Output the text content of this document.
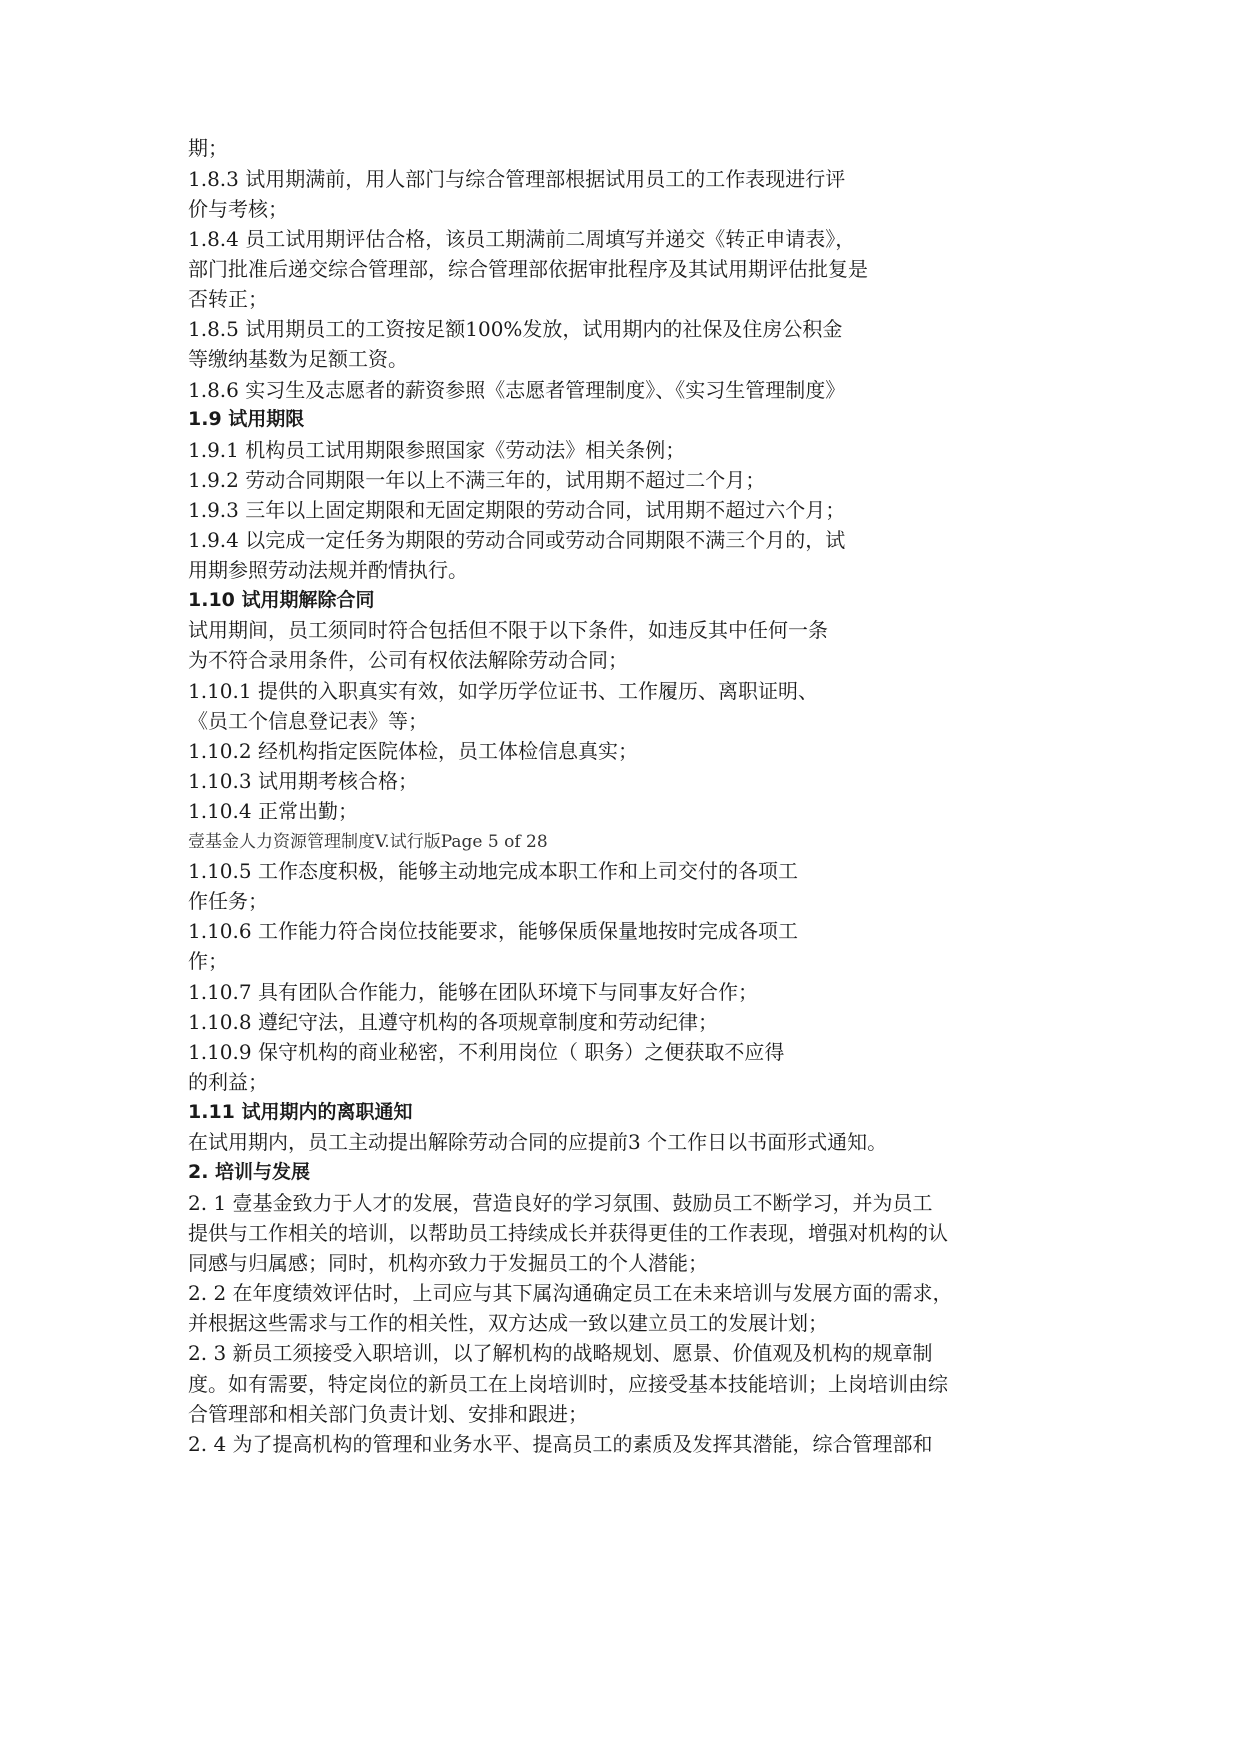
期；
1.8.3 试用期满前，用人部门与综合管理部根据试用员工的工作表现进行评
价与考核；
1.8.4 员工试用期评估合格，该员工期满前二周填写并递交《转正申请表》，
部门批准后递交综合管理部，综合管理部依据审批程序及其试用期评估批复是
否转正；
1.8.5 试用期员工的工资按足额100%发放，试用期内的社保及住房公积金
等缴纳基数为足额工资。
1.8.6 实习生及志愿者的薪资参照《志愿者管理制度》、《实习生管理制度》
1.9 试用期限
1.9.1 机构员工试用期限参照国家《劳动法》相关条例；
1.9.2 劳动合同期限一年以上不满三年的，试用期不超过二个月；
1.9.3 三年以上固定期限和无固定期限的劳动合同，试用期不超过六个月；
1.9.4 以完成一定任务为期限的劳动合同或劳动合同期限不满三个月的，试
用期参照劳动法规并酌情执行。
1.10 试用期解除合同
试用期间，员工须同时符合包括但不限于以下条件，如违反其中任何一条
为不符合录用条件，公司有权依法解除劳动合同；
1.10.1 提供的入职真实有效，如学历学位证书、工作履历、离职证明、
《员工个信息登记表》等；
1.10.2 经机构指定医院体检，员工体检信息真实；
1.10.3 试用期考核合格；
1.10.4 正常出勤；
壹基金人力资源管理制度V.试行版Page 5 of 28
1.10.5 工作态度积极，能够主动地完成本职工作和上司交付的各项工
作任务；
1.10.6 工作能力符合岗位技能要求，能够保质保量地按时完成各项工
作；
1.10.7 具有团队合作能力，能够在团队环境下与同事友好合作；
1.10.8 遵纪守法，且遵守机构的各项规章制度和劳动纪律；
1.10.9 保守机构的商业秘密，不利用岗位（ 职务）之便获取不应得
的利益；
1.11 试用期内的离职通知
在试用期内，员工主动提出解除劳动合同的应提前3 个工作日以书面形式通知。
2. 培训与发展
2. 1 壹基金致力于人才的发展，营造良好的学习氛围、鼓励员工不断学习，并为员工
提供与工作相关的培训，以帮助员工持续成长并获得更佳的工作表现，增强对机构的认
同感与归属感；同时，机构亦致力于发掘员工的个人潜能；
2. 2 在年度绩效评估时，上司应与其下属沟通确定员工在未来培训与发展方面的需求，
并根据这些需求与工作的相关性，双方达成一致以建立员工的发展计划；
2. 3 新员工须接受入职培训，以了解机构的战略规划、愿景、价值观及机构的规章制
度。如有需要，特定岗位的新员工在上岗培训时，应接受基本技能培训；上岗培训由综
合管理部和相关部门负责计划、安排和跟进；
2. 4 为了提高机构的管理和业务水平、提高员工的素质及发挥其潜能，综合管理部和
